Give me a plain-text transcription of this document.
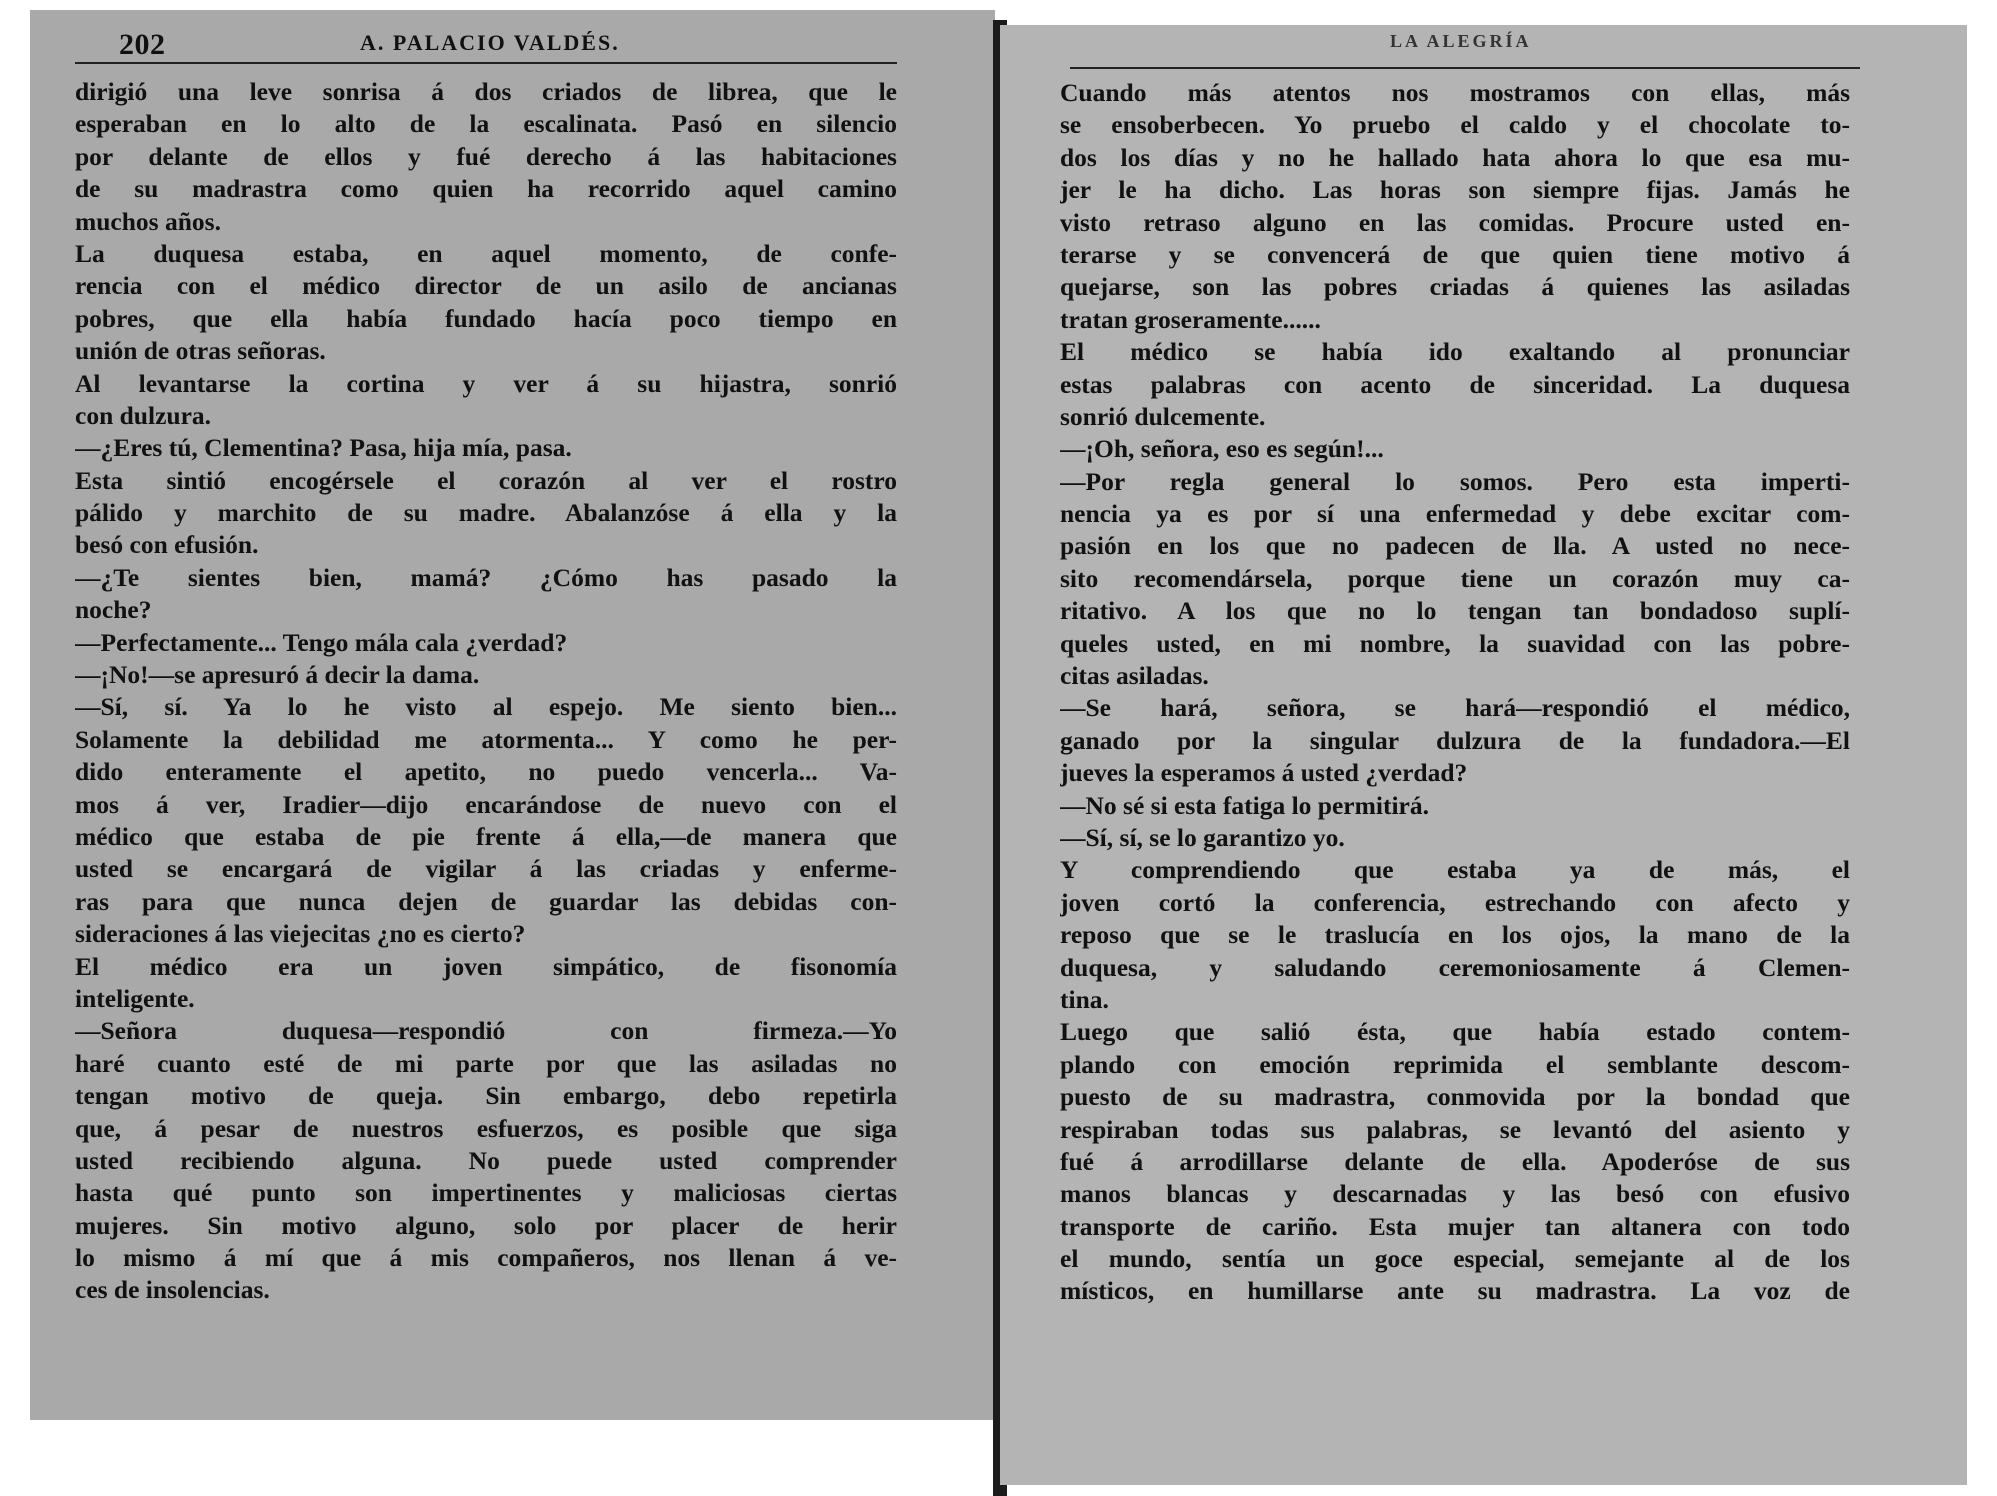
202	A. PALACIO VALDÉS.
dirigió una leve sonrisa á dos criados de librea, que le
esperaban en lo alto de la escalinata. Pasó en silencio
por delante de ellos y fué derecho á las habitaciones
de su madrastra como quien ha recorrido aquel camino
muchos años.
La duquesa estaba, en aquel momento, de confe-
rencia con el médico director de un asilo de ancianas
pobres, que ella había fundado hacía poco tiempo en
unión de otras señoras.
Al levantarse la cortina y ver á su hijastra, sonrió
con dulzura.
—¿Eres tú, Clementina? Pasa, hija mía, pasa.
Esta sintió encogérsele el corazón al ver el rostro
pálido y marchito de su madre. Abalanzóse á ella y la
besó con efusión.
—¿Te sientes bien, mamá? ¿Cómo has pasado la
noche?
—Perfectamente... Tengo mála cala ¿verdad?
—¡No!—se apresuró á decir la dama.
—Sí, sí. Ya lo he visto al espejo. Me siento bien...
Solamente la debilidad me atormenta... Y como he per-
dido enteramente el apetito, no puedo vencerla... Va-
mos á ver, Iradier—dijo encarándose de nuevo con el
médico que estaba de pie frente á ella,—de manera que
usted se encargará de vigilar á las criadas y enferme-
ras para que nunca dejen de guardar las debidas con-
sideraciones á las viejecitas ¿no es cierto?
El médico era un joven simpático, de fisonomía
inteligente.
—Señora duquesa—respondió con firmeza.—Yo
haré cuanto esté de mi parte por que las asiladas no
tengan motivo de queja. Sin embargo, debo repetirla
que, á pesar de nuestros esfuerzos, es posible que siga
usted recibiendo alguna. No puede usted comprender
hasta qué punto son impertinentes y maliciosas ciertas
mujeres. Sin motivo alguno, solo por placer de herir
lo mismo á mí que á mis compañeros, nos llenan á ve-
ces de insolencias.
LA ALEGRÍA
Cuando más atentos nos mostramos con ellas, más
se ensoberbecen. Yo pruebo el caldo y el chocolate to-
dos los días y no he hallado hata ahora lo que esa mu-
jer le ha dicho. Las horas son siempre fijas. Jamás he
visto retraso alguno en las comidas. Procure usted en-
terarse y se convencerá de que quien tiene motivo á
quejarse, son las pobres criadas á quienes las asiladas
tratan groseramente......
El médico se había ido exaltando al pronunciar
estas palabras con acento de sinceridad. La duquesa
sonrió dulcemente.
—¡Oh, señora, eso es según!...
—Por regla general lo somos. Pero esta imperti-
nencia ya es por sí una enfermedad y debe excitar com-
pasión en los que no padecen de lla. A usted no nece-
sito recomendársela, porque tiene un corazón muy ca-
ritativo. A los que no lo tengan tan bondadoso suplí-
queles usted, en mi nombre, la suavidad con las pobre-
citas asiladas.
—Se hará, señora, se hará—respondió el médico,
ganado por la singular dulzura de la fundadora.—El
jueves la esperamos á usted ¿verdad?
—No sé si esta fatiga lo permitirá.
—Sí, sí, se lo garantizo yo.
Y comprendiendo que estaba ya de más, el
joven cortó la conferencia, estrechando con afecto y
reposo que se le traslucía en los ojos, la mano de la
duquesa, y saludando ceremoniosamente á Clemen-
tina.
Luego que salió ésta, que había estado contem-
plando con emoción reprimida el semblante descom-
puesto de su madrastra, conmovida por la bondad que
respiraban todas sus palabras, se levantó del asiento y
fué á arrodillarse delante de ella. Apoderóse de sus
manos blancas y descarnadas y las besó con efusivo
transporte de cariño. Esta mujer tan altanera con todo
el mundo, sentía un goce especial, semejante al de los
místicos, en humillarse ante su madrastra. La voz de
